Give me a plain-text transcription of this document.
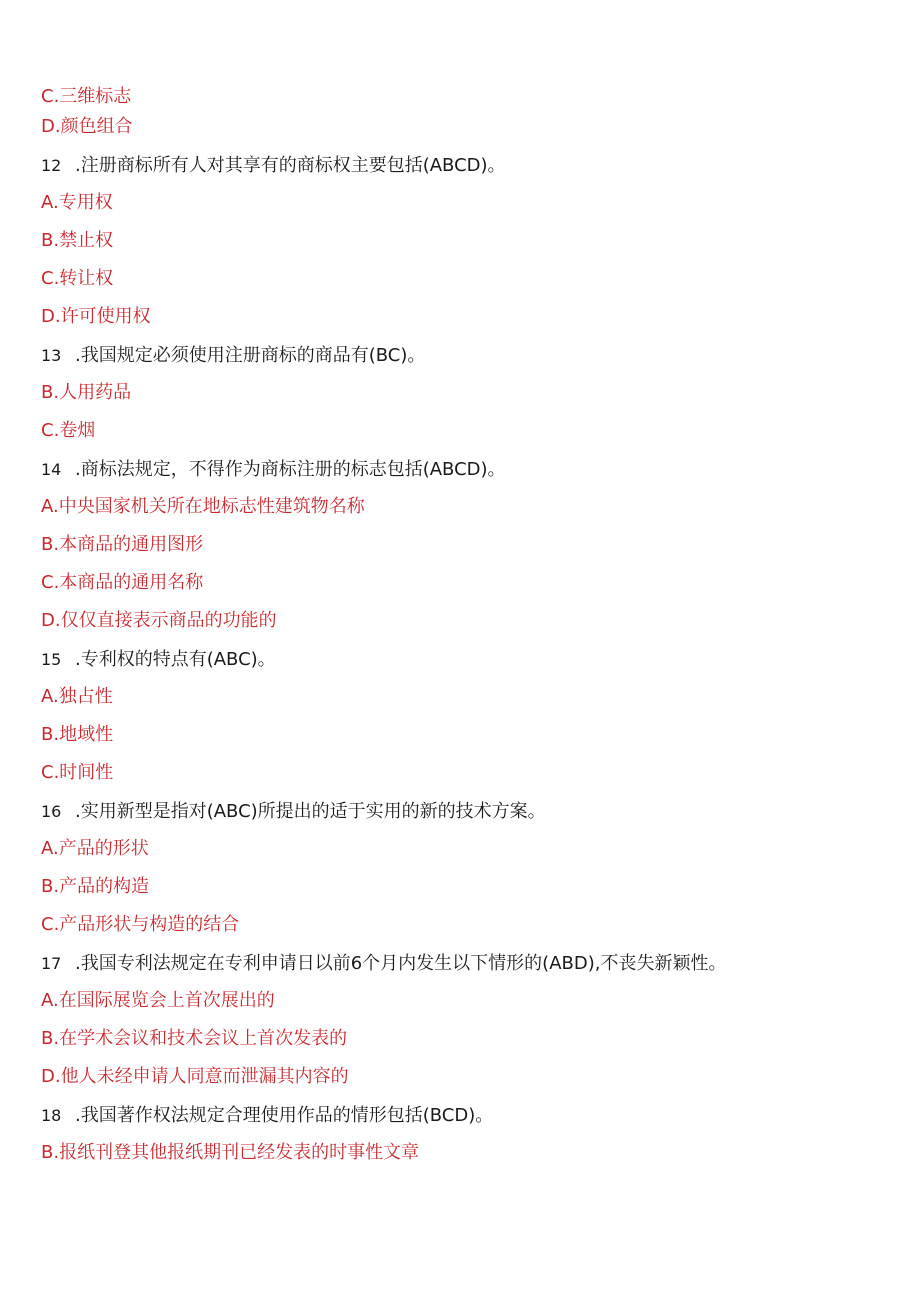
C.三维标志
D.颜色组合
12 .注册商标所有人对其享有的商标权主要包括(ABCD)。
A.专用权
B.禁止权
C.转让权
D.许可使用权
13 .我国规定必须使用注册商标的商品有(BC)。
B.人用药品
C.卷烟
14 .商标法规定，不得作为商标注册的标志包括(ABCD)。
A.中央国家机关所在地标志性建筑物名称
B.本商品的通用图形
C.本商品的通用名称
D.仅仅直接表示商品的功能的
15 .专利权的特点有(ABC)。
A.独占性
B.地域性
C.时间性
16 .实用新型是指对(ABC)所提出的适于实用的新的技术方案。
A.产品的形状
B.产品的构造
C.产品形状与构造的结合
17 .我国专利法规定在专利申请日以前6个月内发生以下情形的(ABD),不丧失新颖性。
A.在国际展览会上首次展出的
B.在学术会议和技术会议上首次发表的
D.他人未经申请人同意而泄漏其内容的
18 .我国著作权法规定合理使用作品的情形包括(BCD)。
B.报纸刊登其他报纸期刊已经发表的时事性文章
